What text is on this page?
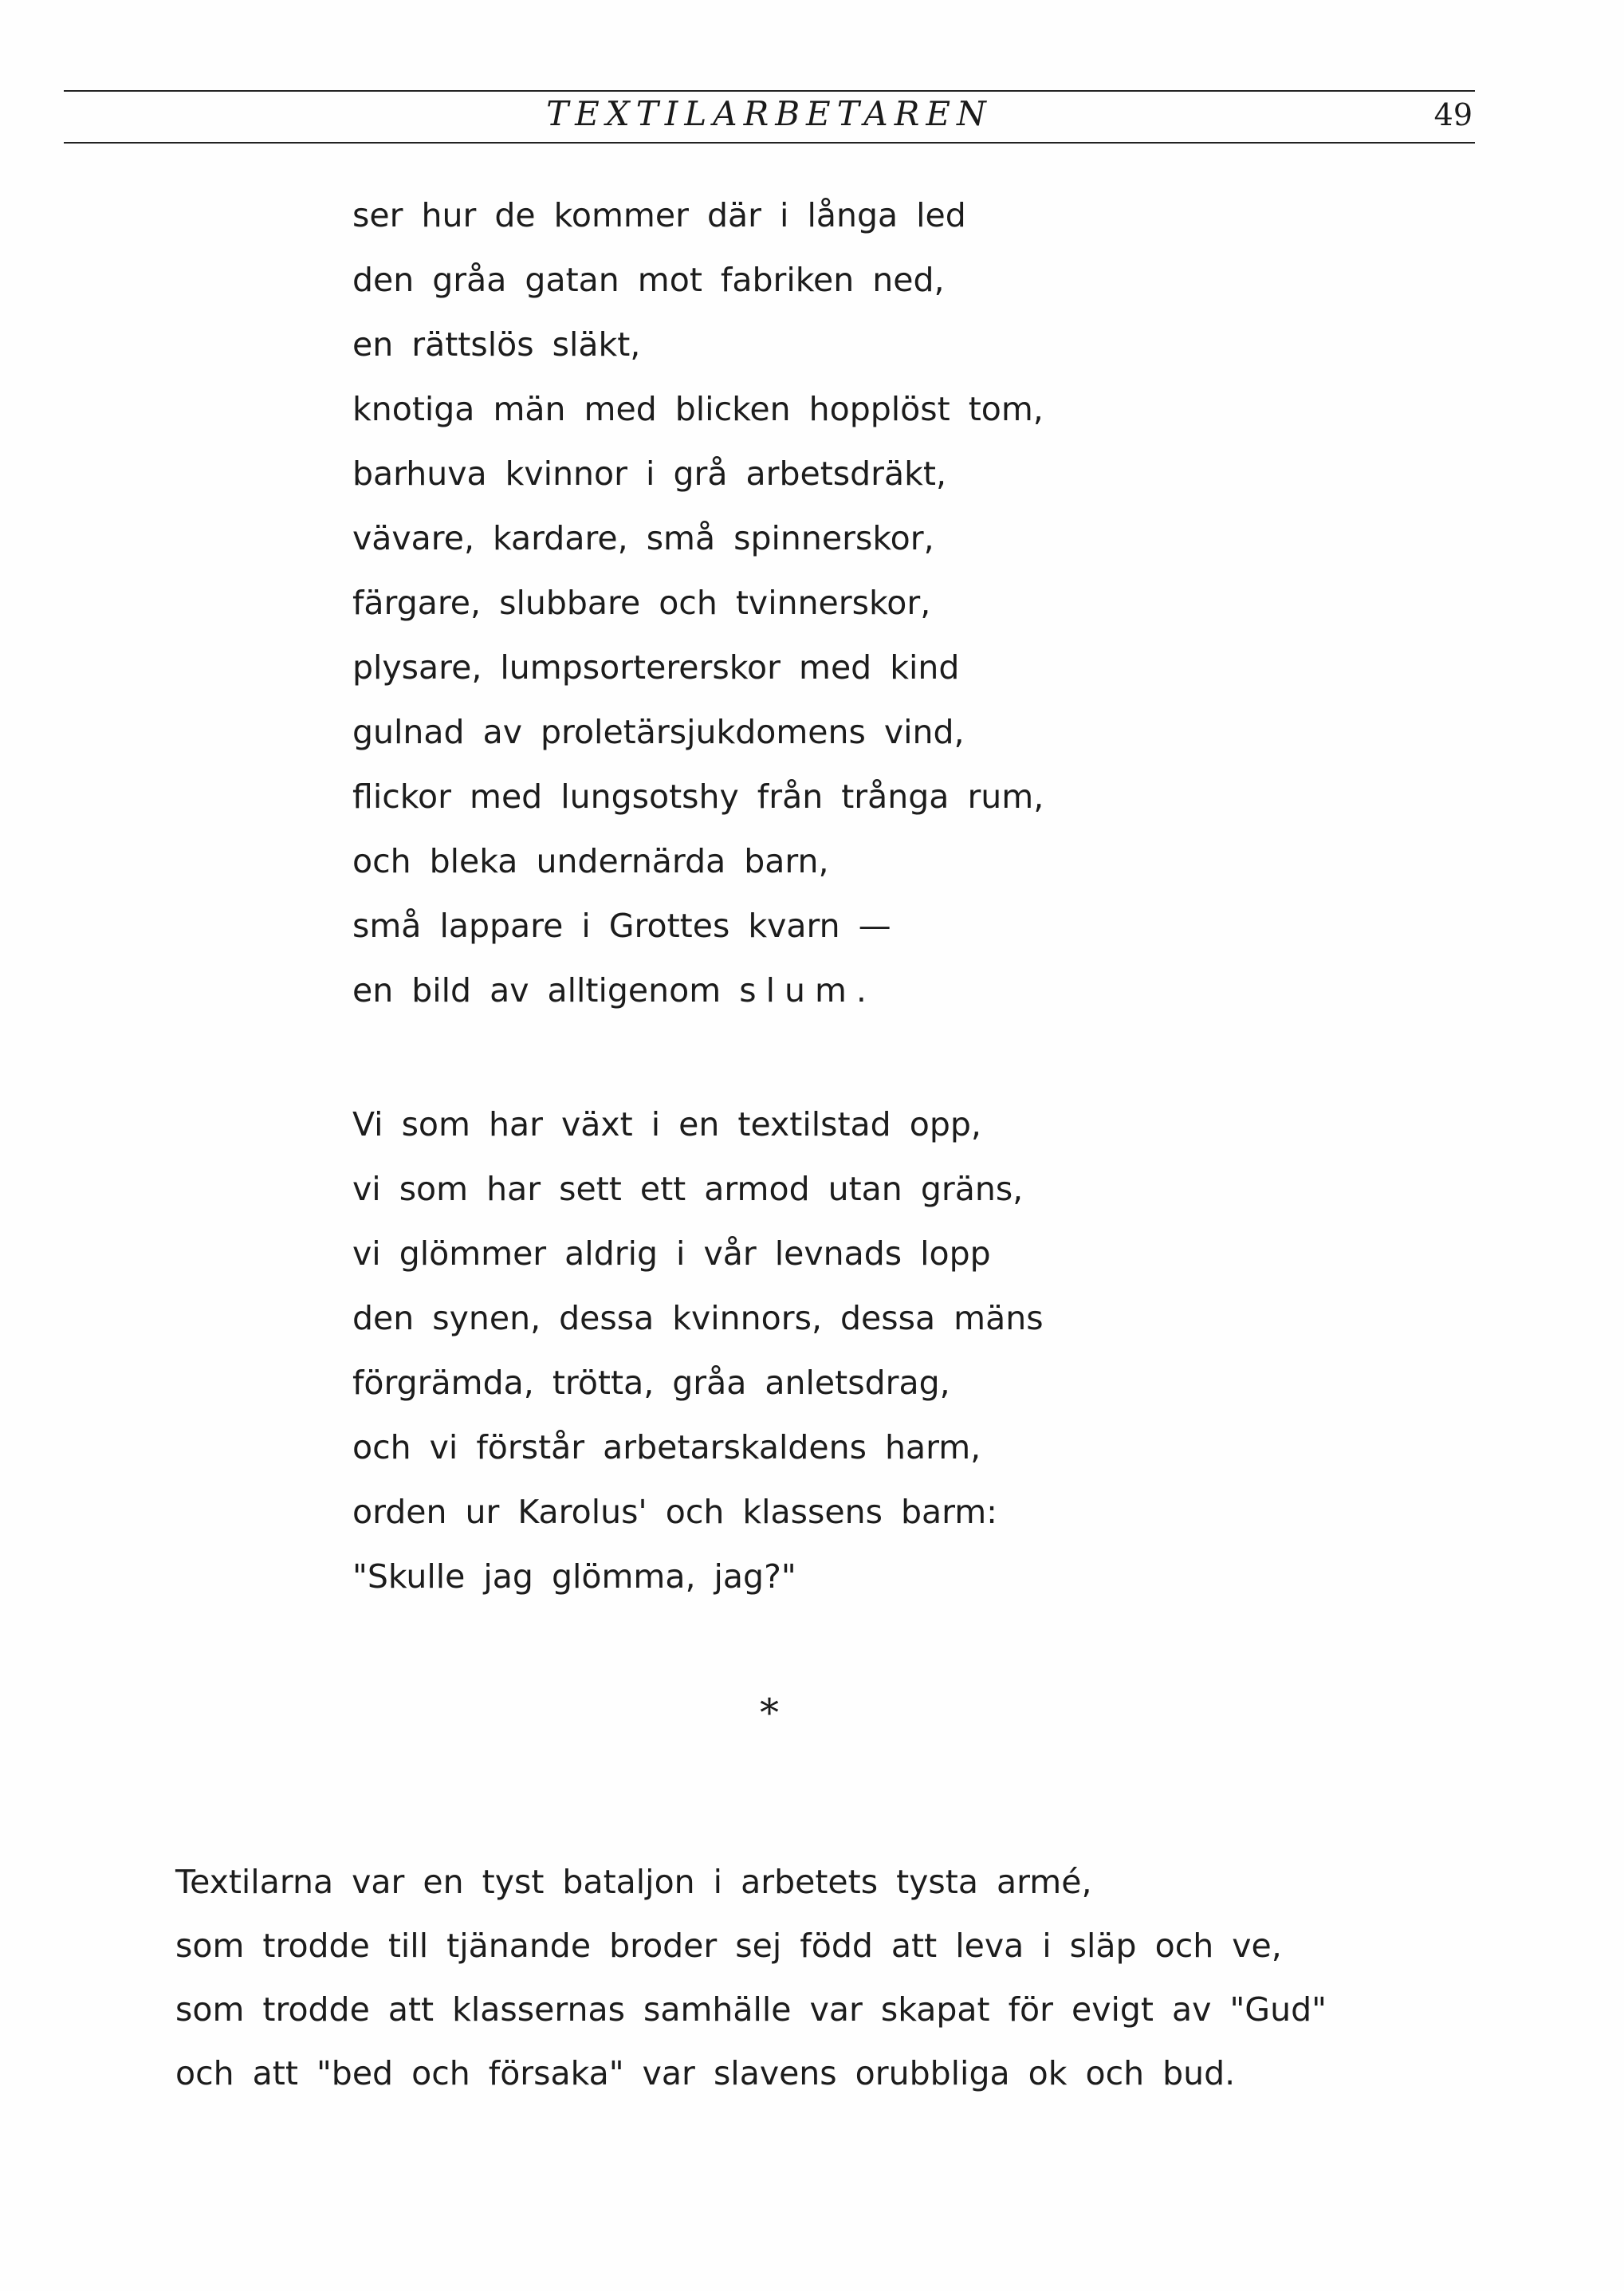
TEXTILARBETAREN	49
ser hur de kommer där i långa led
den gråa gatan mot fabriken ned,
en rättslös släkt,
knotiga män med blicken hopplöst tom,
barhuva kvinnor i grå arbetsdräkt,
vävare, kardare, små spinnerskor,
färgare, slubbare och tvinnerskor,
plysare, lumpsortererskor med kind
gulnad av proletärsjukdomens vind,
flickor med lungsotshy från trånga rum,
och bleka undernärda barn,
små lappare i Grottes kvarn —
en bild av alltigenom slum.
Vi som har växt i en textilstad opp,
vi som har sett ett armod utan gräns,
vi glömmer aldrig i vår levnads lopp
den synen, dessa kvinnors, dessa mäns
förgrämda, trötta, gråa anletsdrag,
och vi förstår arbetarskaldens harm,
orden ur Karolus' och klassens barm:
"Skulle jag glömma, jag?"
*
Textilarna var en tyst bataljon i arbetets tysta armé,
som trodde till tjänande broder sej född att leva i släp och ve,
som trodde att klassernas samhälle var skapat för evigt av "Gud"
och att "bed och försaka" var slavens orubbliga ok och bud.
